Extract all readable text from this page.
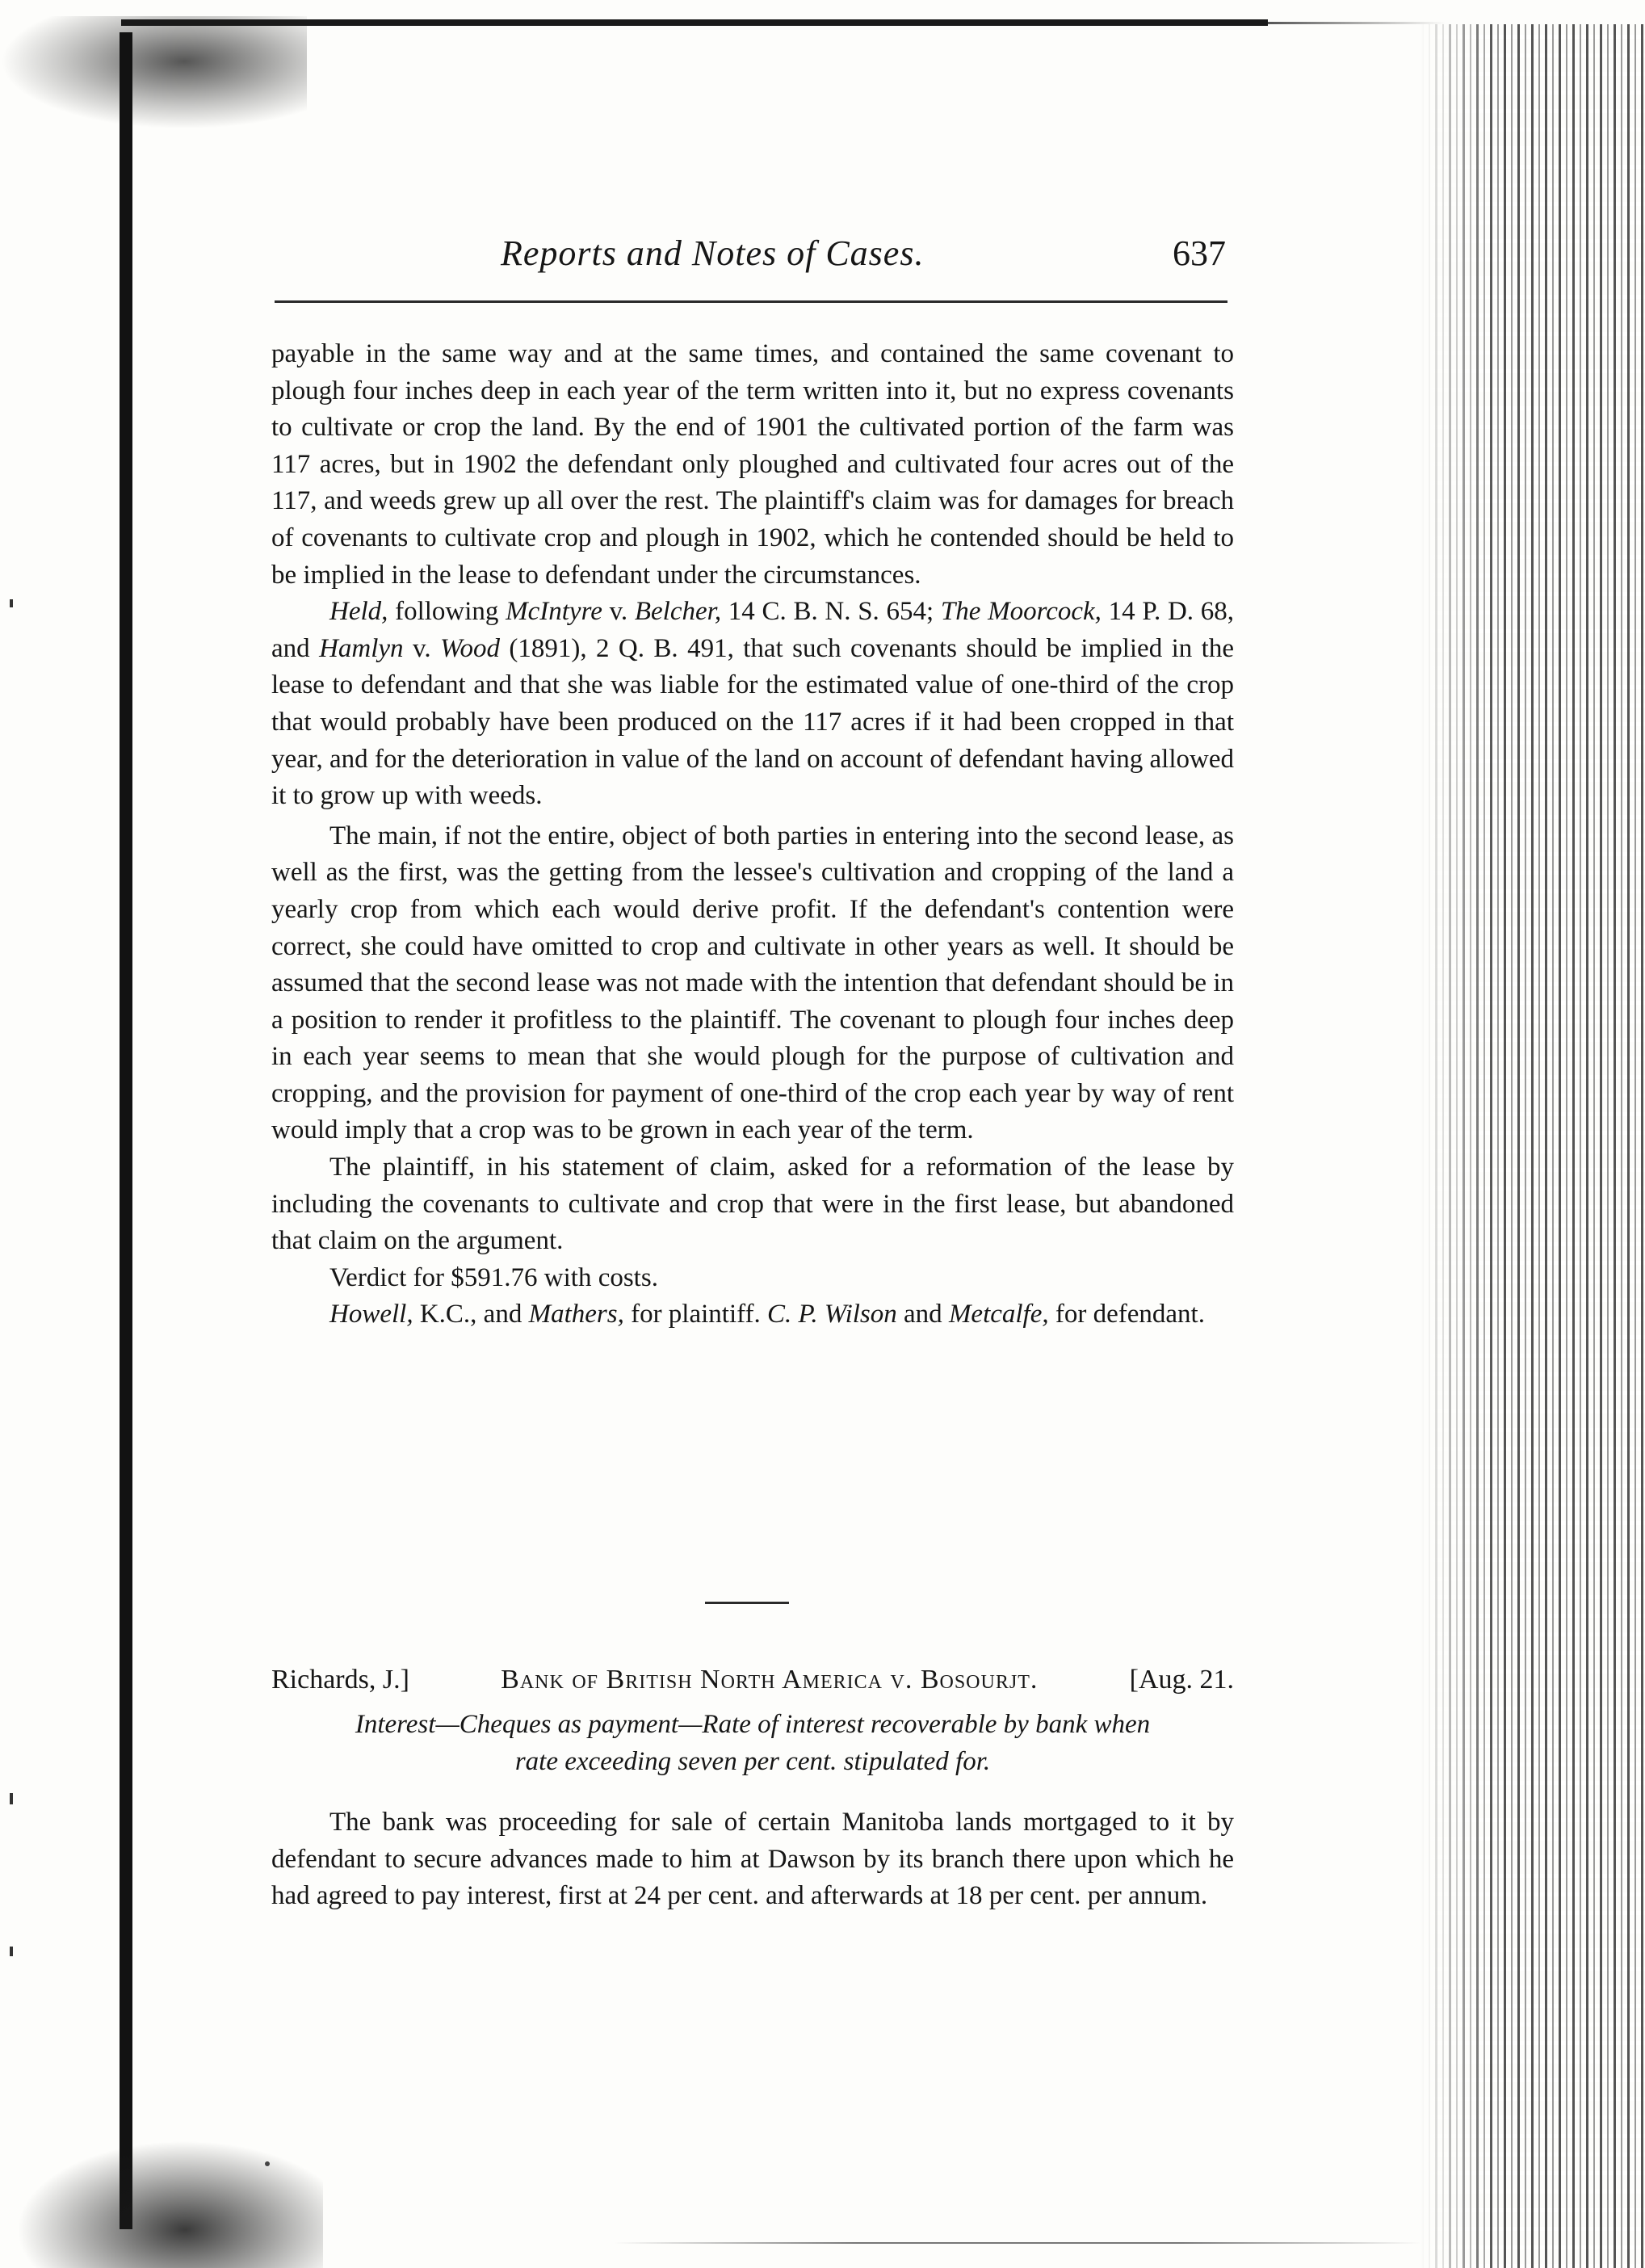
Reports and Notes of Cases.	637

payable in the same way and at the same times, and contained the same covenant to plough four inches deep in each year of the term written into it, but no express covenants to cultivate or crop the land. By the end of 1901 the cultivated portion of the farm was 117 acres, but in 1902 the defendant only ploughed and cultivated four acres out of the 117, and weeds grew up all over the rest. The plaintiff's claim was for damages for breach of covenants to cultivate crop and plough in 1902, which he contended should be held to be implied in the lease to defendant under the circumstances.

Held, following McIntyre v. Belcher, 14 C. B. N. S. 654; The Moorcock, 14 P. D. 68, and Hamlyn v. Wood (1891), 2 Q. B. 491, that such covenants should be implied in the lease to defendant and that she was liable for the estimated value of one-third of the crop that would probably have been produced on the 117 acres if it had been cropped in that year, and for the deterioration in value of the land on account of defendant having allowed it to grow up with weeds.

The main, if not the entire, object of both parties in entering into the second lease, as well as the first, was the getting from the lessee's cultivation and cropping of the land a yearly crop from which each would derive profit. If the defendant's contention were correct, she could have omitted to crop and cultivate in other years as well. It should be assumed that the second lease was not made with the intention that defendant should be in a position to render it profitless to the plaintiff. The covenant to plough four inches deep in each year seems to mean that she would plough for the purpose of cultivation and cropping, and the provision for payment of one-third of the crop each year by way of rent would imply that a crop was to be grown in each year of the term.

The plaintiff, in his statement of claim, asked for a reformation of the lease by including the covenants to cultivate and crop that were in the first lease, but abandoned that claim on the argument.

Verdict for $591.76 with costs.

Howell, K.C., and Mathers, for plaintiff. C. P. Wilson and Metcalfe, for defendant.

Richards, J.]	Bank of British North America v. Bosourjt.	[Aug. 21.
Interest—Cheques as payment—Rate of interest recoverable by bank when
rate exceeding seven per cent. stipulated for.

The bank was proceeding for sale of certain Manitoba lands mortgaged to it by defendant to secure advances made to him at Dawson by its branch there upon which he had agreed to pay interest, first at 24 per cent. and afterwards at 18 per cent. per annum.
